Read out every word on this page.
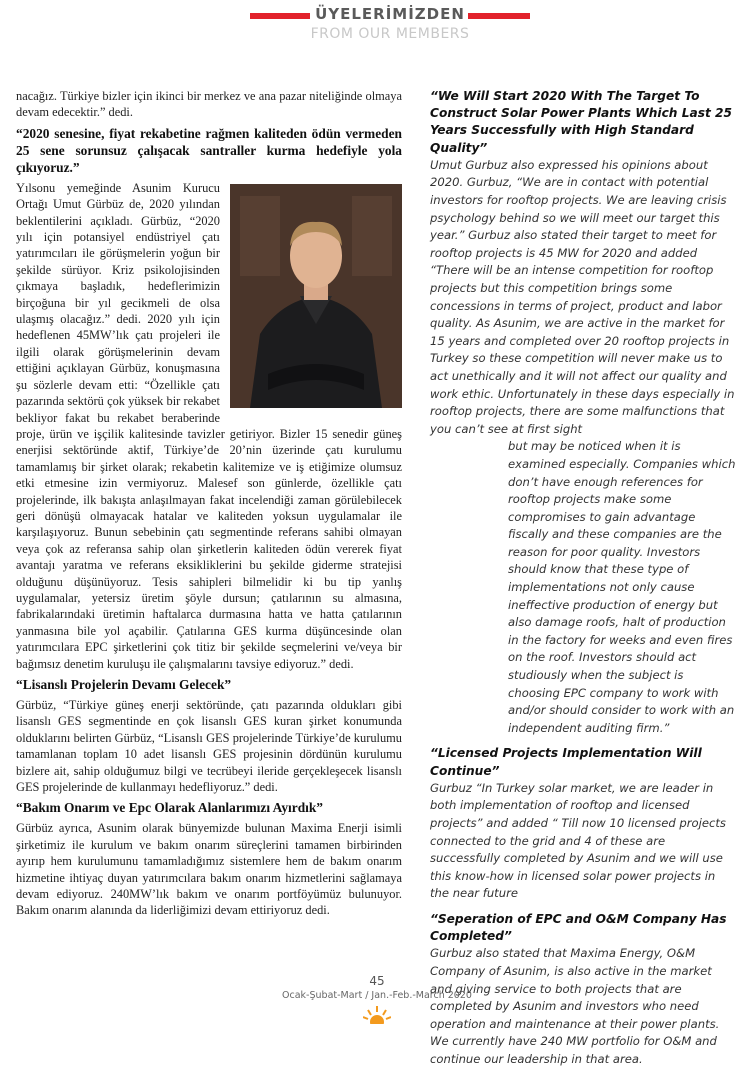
ÜYELERİMİZDEN
FROM OUR MEMBERS

nacağız. Türkiye bizler için ikinci bir merkez ve ana pazar niteliğinde olmaya devam edecektir.” dedi.

“2020 senesine, fiyat rekabetine rağmen kaliteden ödün vermeden 25 sene sorunsuz çalışacak santraller kurma hedefiyle yola çıkıyoruz.”

Yılsonu yemeğinde Asunim Kurucu Ortağı Umut Gürbüz de, 2020 yılından beklentilerini açıkladı. Gürbüz, “2020 yılı için potansiyel endüstriyel çatı yatırımcıları ile görüşmelerin yoğun bir şekilde sürüyor. Kriz psikolojisinden çıkmaya başladık, hedeflerimizin birçoğuna bir yıl gecikmeli de olsa ulaşmış olacağız.” dedi. 2020 yılı için hedeflenen 45MW’lık çatı projeleri ile ilgili olarak görüşmelerinin devam ettiğini açıklayan Gürbüz, konuşmasına şu sözlerle devam etti: “Özellikle çatı pazarında sektörü çok yüksek bir rekabet bekliyor fakat bu rekabet beraberinde proje, ürün ve işçilik kalitesinde tavizler getiriyor. Bizler 15 senedir güneş enerjisi sektöründe aktif, Türkiye’de 20’nin üzerinde çatı kurulumu tamamlamış bir şirket olarak; rekabetin kalitemize ve iş etiğimize olumsuz etki etmesine izin vermiyoruz. Malesef son günlerde, özellikle çatı projelerinde, ilk bakışta anlaşılmayan fakat incelendiği zaman görülebilecek geri dönüşü olmayacak hatalar ve kaliteden yoksun uygulamalar ile karşılaşıyoruz. Bunun sebebinin çatı segmentinde referans sahibi olmayan veya çok az referansa sahip olan şirketlerin kaliteden ödün vererek fiyat avantajı yaratma ve referans eksikliklerini bu şekilde giderme stratejisi olduğunu düşünüyoruz. Tesis sahipleri bilmelidir ki bu tip yanlış uygulamalar, yetersiz üretim şöyle dursun; çatılarının su almasına, fabrikalarındaki üretimin haftalarca durmasına hatta ve hatta çatılarının yanmasına bile yol açabilir. Çatılarına GES kurma düşüncesinde olan yatırımcılara EPC şirketlerini çok titiz bir şekilde seçmelerini ve/veya bir bağımsız denetim kuruluşu ile çalışmalarını tavsiye ediyoruz.” dedi.

“Lisanslı Projelerin Devamı Gelecek”

Gürbüz, “Türkiye güneş enerji sektöründe, çatı pazarında oldukları gibi lisanslı GES segmentinde en çok lisanslı GES kuran şirket konumunda olduklarını belirten Gürbüz, “Lisanslı GES projelerinde Türkiye’de kurulumu tamamlanan toplam 10 adet lisanslı GES projesinin dördünün kurulumu bizlere ait, sahip olduğumuz bilgi ve tecrübeyi ileride gerçekleşecek lisanslı GES projelerinde de kullanmayı hedefliyoruz.” dedi.

“Bakım Onarım ve Epc Olarak Alanlarımızı Ayırdık”

Gürbüz ayrıca, Asunim olarak bünyemizde bulunan Maxima Enerji isimli şirketimiz ile kurulum ve bakım onarım süreçlerini tamamen birbirinden ayırıp hem kurulumunu tamamladığımız sistemlere hem de bakım onarım hizmetine ihtiyaç duyan yatırımcılara bakım onarım hizmetlerini sağlamaya devam ediyoruz. 240MW’lık bakım ve onarım portföyümüz bulunuyor. Bakım onarım alanında da liderliğimizi devam ettiriyoruz dedi.

“We Will Start 2020 With The Target To Construct Solar Power Plants Which Last 25 Years Successfully with High Standard Quality”

Umut Gurbuz also expressed his opinions about 2020. Gurbuz, “We are in contact with potential investors for rooftop projects. We are leaving crisis psychology behind so we will meet our target this year.” Gurbuz also stated their target to meet for rooftop projects is 45 MW for 2020 and added “There will be an intense competition for rooftop projects but this competition brings some concessions in terms of project, product and labor quality. As Asunim, we are active in the market for 15 years and completed over 20 rooftop projects in Turkey so these competition will never make us to act unethically and it will not affect our quality and work ethic. Unfortunately in these days especially in rooftop projects, there are some malfunctions that you can’t see at first sight

but may be noticed when it is examined especially. Companies which don’t have enough references for rooftop projects make some compromises to gain advantage fiscally and these companies are the reason for poor quality. Investors should know that these type of implementations not only cause ineffective production of energy but also damage roofs, halt of production in the factory for weeks and even fires on the roof. Investors should act studiously when the subject is choosing EPC company to work with and/or should consider to work with an independent auditing firm.”

“Licensed Projects Implementation Will Continue”

Gurbuz “In Turkey solar market, we are leader in both implementation of rooftop and licensed projects” and added “ Till now 10 licensed projects connected to the grid and 4 of these are successfully completed by Asunim and we will use this know-how in licensed solar power projects in the near future

“Seperation of EPC and O&M Company Has Completed”

Gurbuz also stated that Maxima Energy, O&M Company of Asunim, is also active in the market and giving service to both projects that are completed by Asunim and investors who need operation and maintenance at their power plants. We currently have 240 MW portfolio for O&M and continue our leadership in that area.

45
Ocak-Şubat-Mart / Jan.-Feb.-March 2020
